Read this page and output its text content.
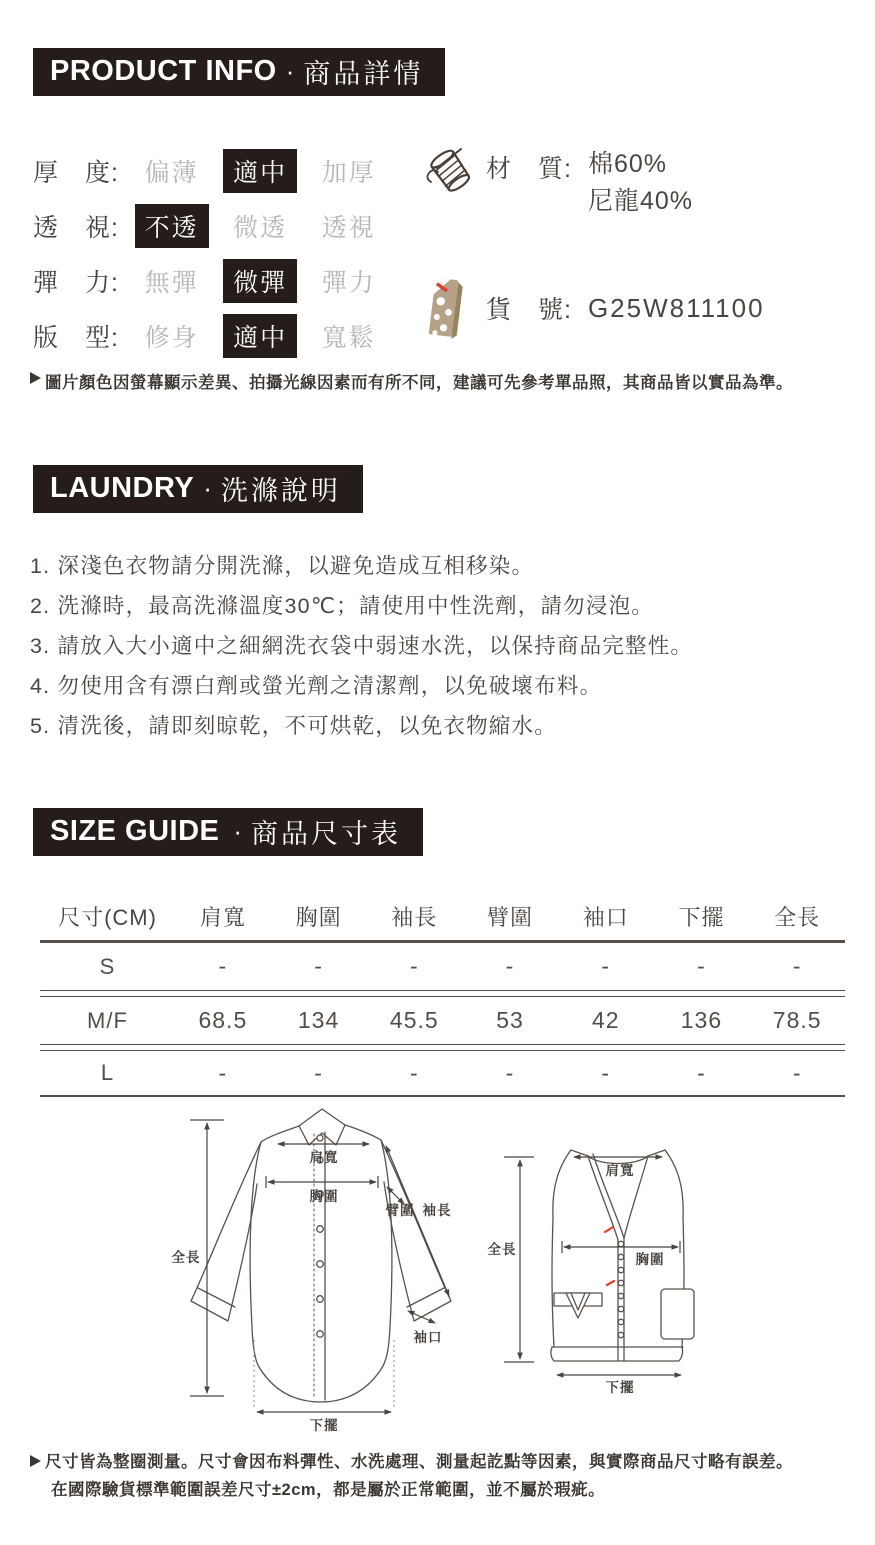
PRODUCT INFO · 商品詳情
厚　度:	偏薄	適中	加厚
透　視:	不透	微透 透視
彈　力:	無彈	微彈	彈力
版　型:	修身	適中	寬鬆
材　質: 棉60%
尼龍40%
貨　號: G25W811100
圖片顏色因螢幕顯示差異、拍攝光線因素而有所不同，建議可先參考單品照，其商品皆以實品為準。
LAUNDRY · 洗滌說明
1. 深淺色衣物請分開洗滌，以避免造成互相移染。
2. 洗滌時，最高洗滌溫度30℃；請使用中性洗劑，請勿浸泡。
3. 請放入大小適中之細網洗衣袋中弱速水洗，以保持商品完整性。
4. 勿使用含有漂白劑或螢光劑之清潔劑，以免破壞布料。
5. 清洗後，請即刻晾乾，不可烘乾，以免衣物縮水。
SIZE GUIDE · 商品尺寸表
尺寸(CM)	肩寬	胸圍	袖長	臂圍	袖口	下擺	全長
S	-	-	-	-	-	-	-
M/F	68.5	134	45.5	53	42	136	78.5
L	-	-	-	-	-	-	-
全長
肩寬
胸圍
臂圍 袖長
袖口
下擺
全長
肩寬
胸圍
下擺
尺寸皆為整圈測量。尺寸會因布料彈性、水洗處理、測量起訖點等因素，與實際商品尺寸略有誤差。
在國際驗貨標準範圍誤差尺寸±2cm，都是屬於正常範圍，並不屬於瑕疵。
